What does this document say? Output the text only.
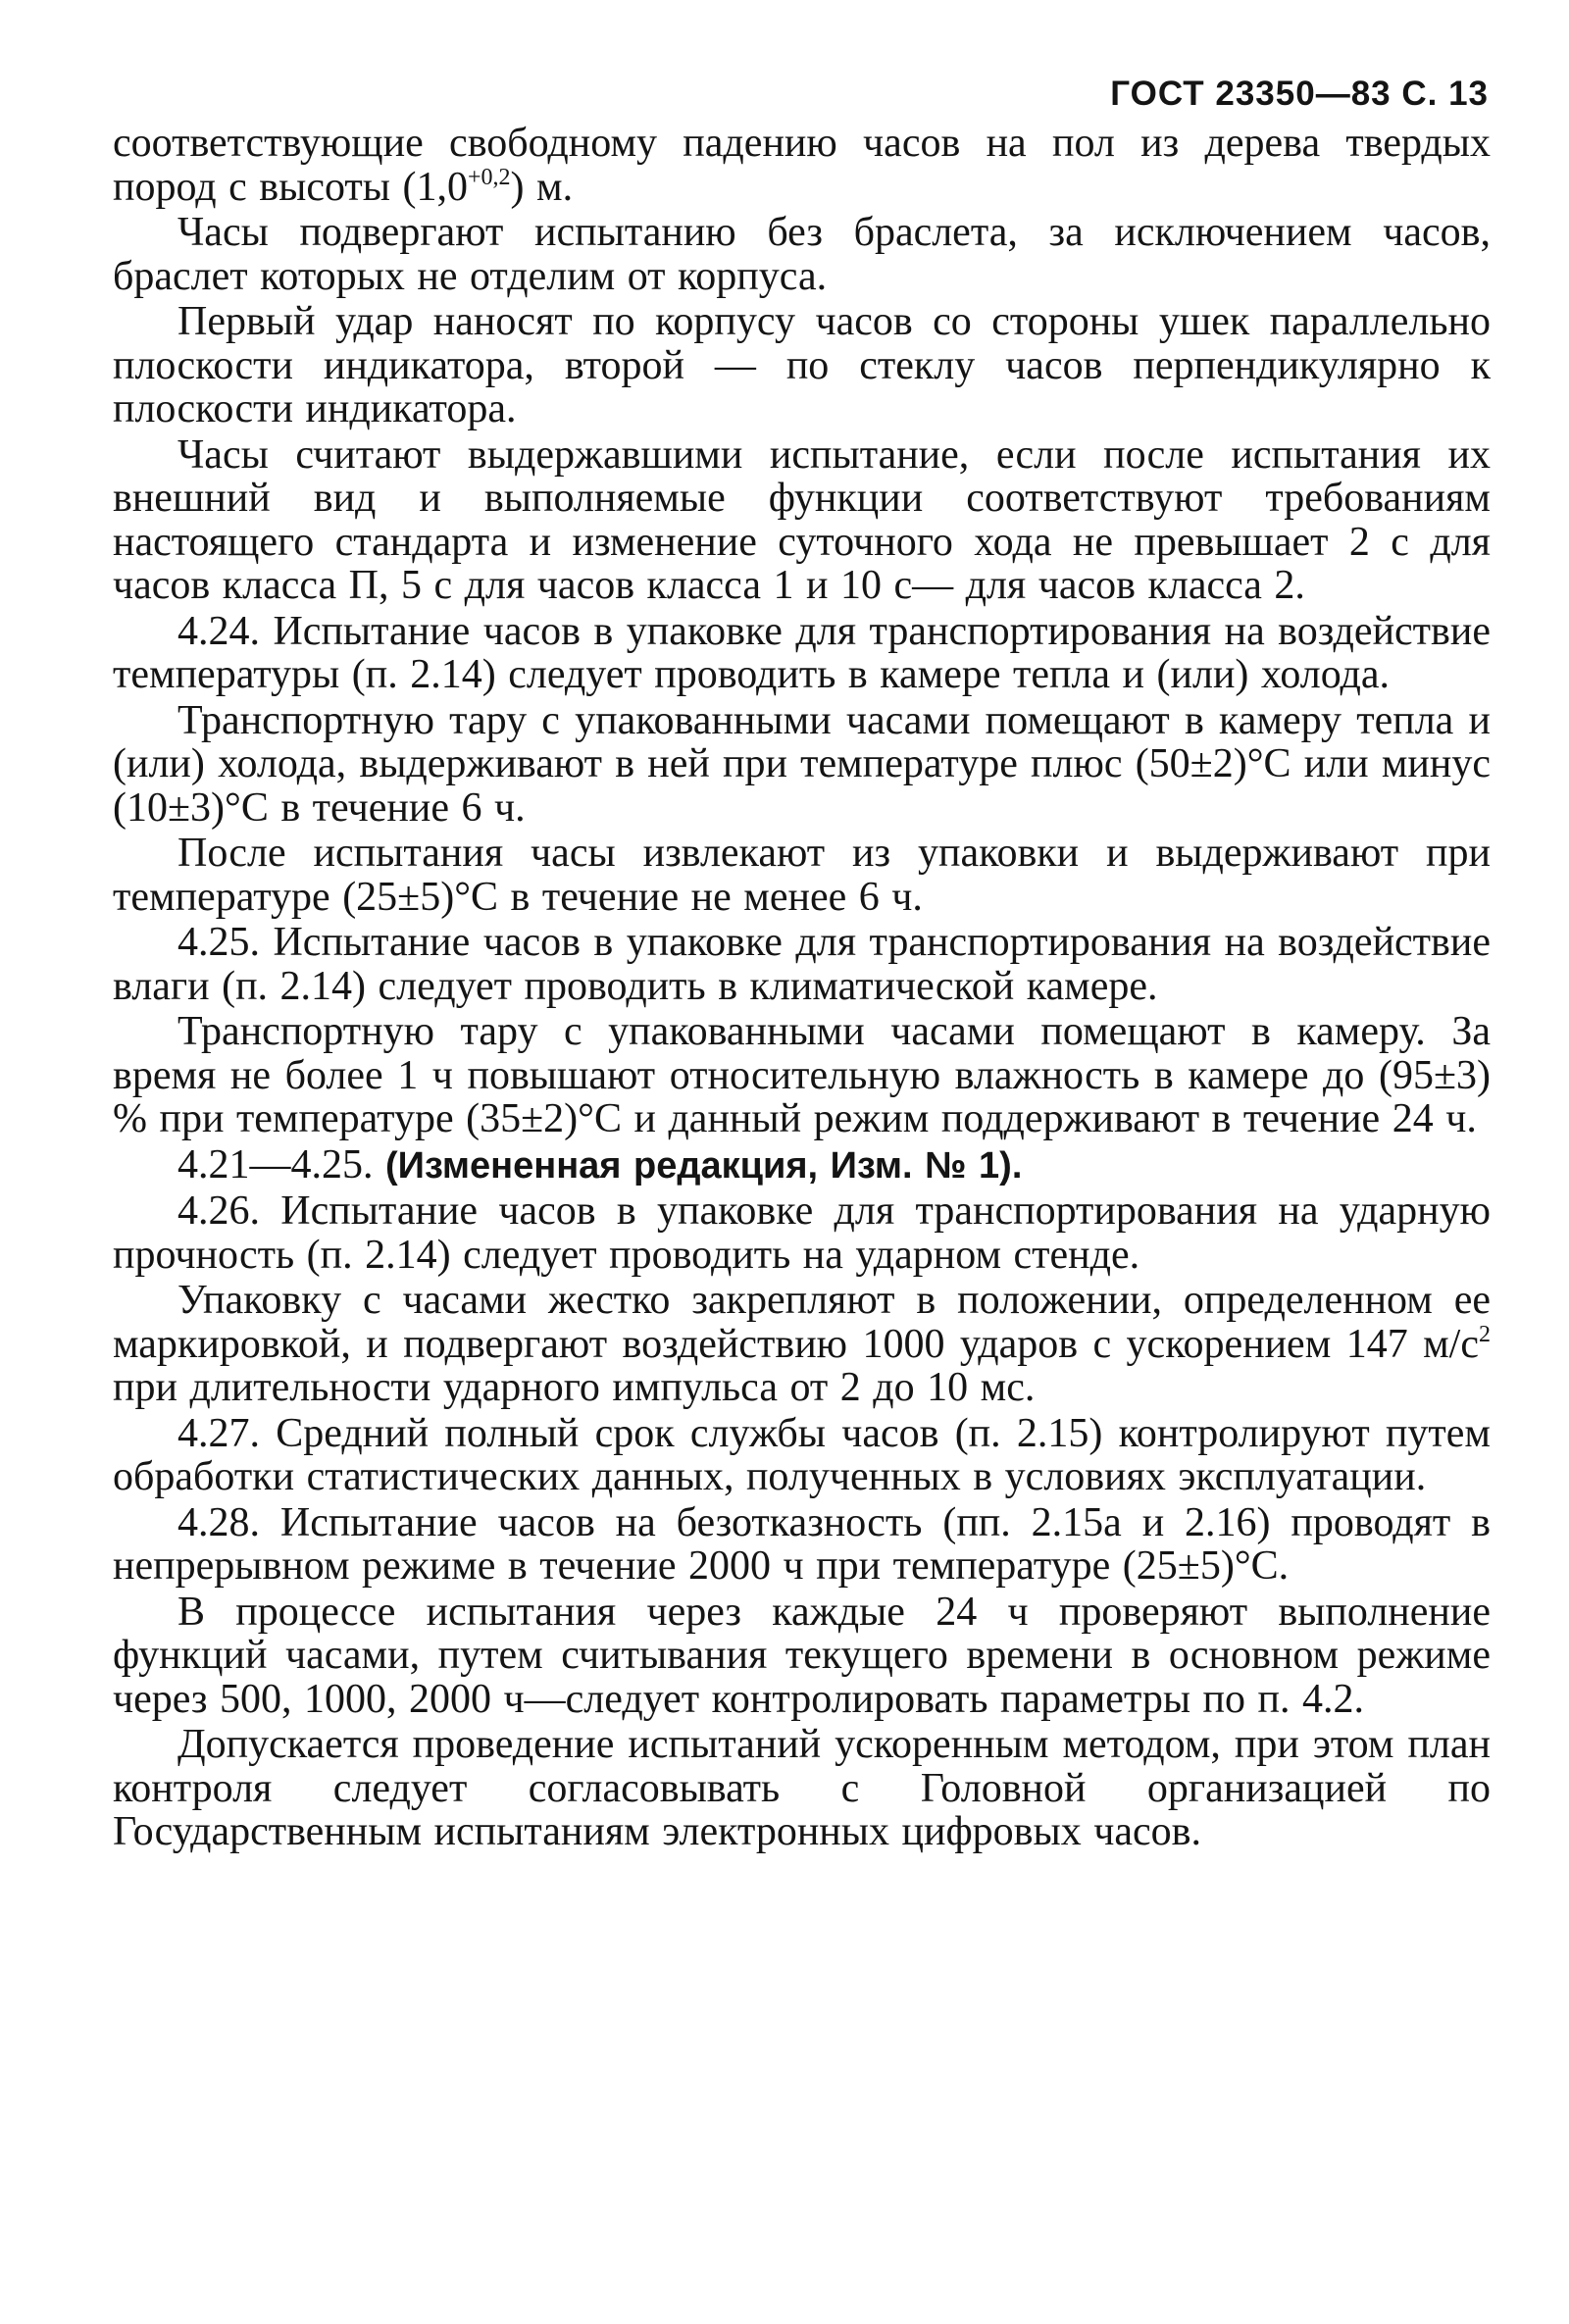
ГОСТ 23350—83 С. 13

соответствующие свободному падению часов на пол из дерева твердых пород с высоты $(1,0^{+0,2})$ м.

Часы подвергают испытанию без браслета, за исключением часов, браслет которых не отделим от корпуса.

Первый удар наносят по корпусу часов со стороны ушек параллельно плоскости индикатора, второй — по стеклу часов перпендикулярно к плоскости индикатора.

Часы считают выдержавшими испытание, если после испытания их внешний вид и выполняемые функции соответствуют требованиям настоящего стандарта и изменение суточного хода не превышает 2 с для часов класса П, 5 с для часов класса 1 и 10 с— для часов класса 2.

4.24. Испытание часов в упаковке для транспортирования на воздействие температуры (п. 2.14) следует проводить в камере тепла и (или) холода.

Транспортную тару с упакованными часами помещают в камеру тепла и (или) холода, выдерживают в ней при температуре плюс (50±2)°С или минус (10±3)°С в течение 6 ч.

После испытания часы извлекают из упаковки и выдерживают при температуре (25±5)°С в течение не менее 6 ч.

4.25. Испытание часов в упаковке для транспортирования на воздействие влаги (п. 2.14) следует проводить в климатической камере.

Транспортную тару с упакованными часами помещают в камеру. За время не более 1 ч повышают относительную влажность в камере до (95±3) % при температуре (35±2)°С и данный режим поддерживают в течение 24 ч.

4.21—4.25. (Измененная редакция, Изм. № 1).

4.26. Испытание часов в упаковке для транспортирования на ударную прочность (п. 2.14) следует проводить на ударном стенде.

Упаковку с часами жестко закрепляют в положении, определенном ее маркировкой, и подвергают воздействию 1000 ударов с ускорением 147 $м/с^2$ при длительности ударного импульса от 2 до 10 мс.

4.27. Средний полный срок службы часов (п. 2.15) контролируют путем обработки статистических данных, полученных в условиях эксплуатации.

4.28. Испытание часов на безотказность (пп. 2.15а и 2.16) проводят в непрерывном режиме в течение 2000 ч при температуре (25±5)°С.

В процессе испытания через каждые 24 ч проверяют выполнение функций часами, путем считывания текущего времени в основном режиме через 500, 1000, 2000 ч—следует контролировать параметры по п. 4.2.

Допускается проведение испытаний ускоренным методом, при этом план контроля следует согласовывать с Головной организацией по Государственным испытаниям электронных цифровых часов.
